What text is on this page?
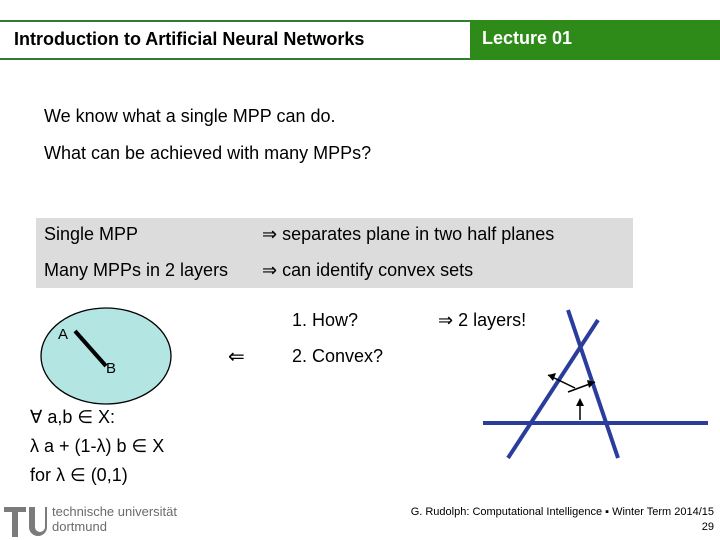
Introduction to Artificial Neural Networks	Lecture 01
We know what a single MPP can do.
What can be achieved with many MPPs?
Single MPP	⇒ separates plane in two half planes
Many MPPs in 2 layers ⇒ can identify convex sets
1. How?	⇒ 2 layers!
2. Convex?
⇐
A
B
∀ a,b ∈ X:
λ a + (1-λ) b ∈ X
for λ ∈ (0,1)
technische universität
dortmund
G. Rudolph: Computational Intelligence ▪ Winter Term 2014/15
29
